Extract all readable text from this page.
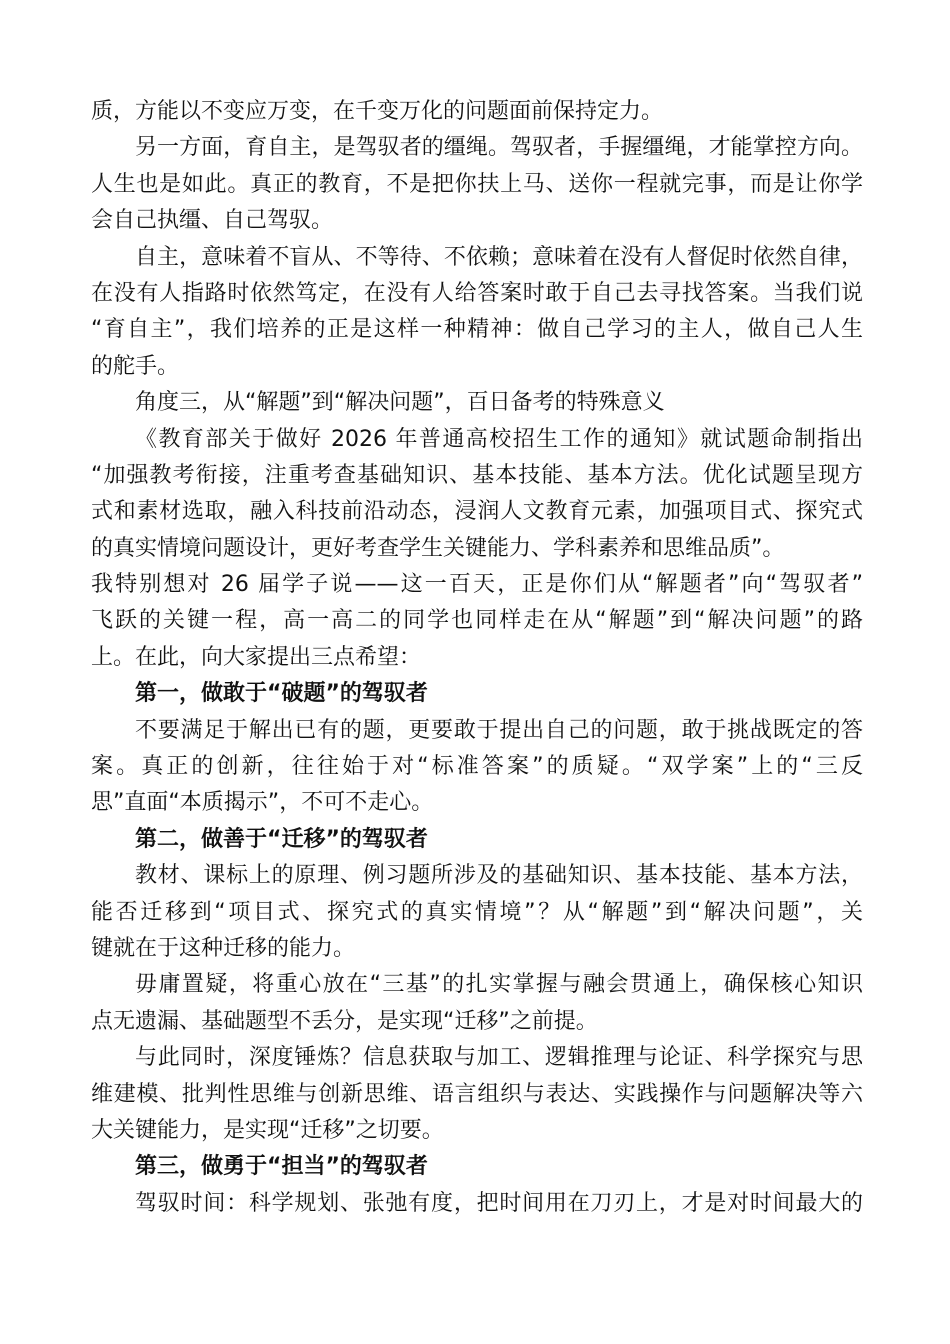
质，方能以不变应万变，在千变万化的问题面前保持定力。
另一方面，育自主，是驾驭者的缰绳。驾驭者，手握缰绳，才能掌控方向。
人生也是如此。真正的教育，不是把你扶上马、送你一程就完事，而是让你学
会自己执缰、自己驾驭。
自主，意味着不盲从、不等待、不依赖；意味着在没有人督促时依然自律，
在没有人指路时依然笃定，在没有人给答案时敢于自己去寻找答案。当我们说
“育自主”，我们培养的正是这样一种精神：做自己学习的主人，做自己人生
的舵手。
角度三，从“解题”到“解决问题”，百日备考的特殊意义
《教育部关于做好 2026 年普通高校招生工作的通知》就试题命制指出
“加强教考衔接，注重考查基础知识、基本技能、基本方法。优化试题呈现方
式和素材选取，融入科技前沿动态，浸润人文教育元素，加强项目式、探究式
的真实情境问题设计，更好考查学生关键能力、学科素养和思维品质”。
我特别想对 26 届学子说——这一百天，正是你们从“解题者”向“驾驭者”
飞跃的关键一程，高一高二的同学也同样走在从“解题”到“解决问题”的路
上。在此，向大家提出三点希望：
第一，做敢于“破题”的驾驭者
不要满足于解出已有的题，更要敢于提出自己的问题，敢于挑战既定的答
案。真正的创新，往往始于对“标准答案”的质疑。“双学案”上的“三反
思”直面“本质揭示”，不可不走心。
第二，做善于“迁移”的驾驭者
教材、课标上的原理、例习题所涉及的基础知识、基本技能、基本方法，
能否迁移到“项目式、探究式的真实情境”？从“解题”到“解决问题”，关
键就在于这种迁移的能力。
毋庸置疑，将重心放在“三基”的扎实掌握与融会贯通上，确保核心知识
点无遗漏、基础题型不丢分，是实现“迁移”之前提。
与此同时，深度锤炼？信息获取与加工、逻辑推理与论证、科学探究与思
维建模、批判性思维与创新思维、语言组织与表达、实践操作与问题解决等六
大关键能力，是实现“迁移”之切要。
第三，做勇于“担当”的驾驭者
驾驭时间：科学规划、张弛有度，把时间用在刀刃上，才是对时间最大的
